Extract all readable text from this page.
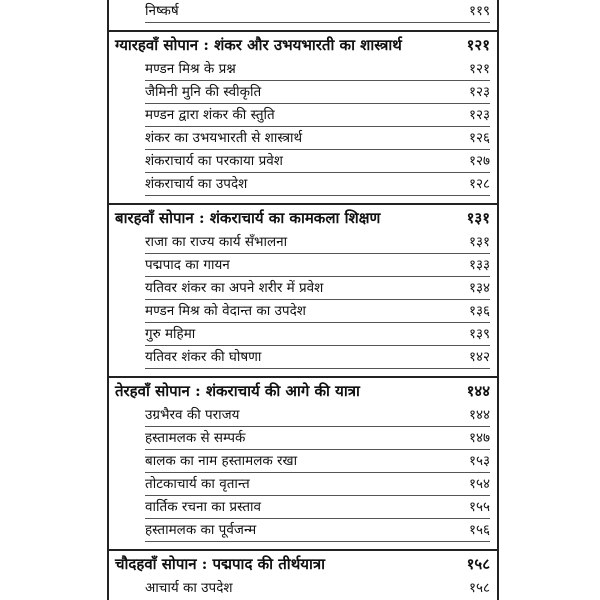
निष्कर्ष	११९
ग्यारहवाँ सोपान : शंकर और उभयभारती का शास्त्रार्थ	१२१
मण्डन मिश्र के प्रश्न	१२१
जैमिनी मुनि की स्वीकृति	१२३
मण्डन द्वारा शंकर की स्तुति	१२३
शंकर का उभयभारती से शास्त्रार्थ	१२६
शंकराचार्य का परकाया प्रवेश	१२७
शंकराचार्य का उपदेश	१२८
बारहवाँ सोपान : शंकराचार्य का कामकला शिक्षण	१३१
राजा का राज्य कार्य सँभालना	१३१
पद्मपाद का गायन	१३३
यतिवर शंकर का अपने शरीर में प्रवेश	१३४
मण्डन मिश्र को वेदान्त का उपदेश	१३६
गुरु महिमा	१३९
यतिवर शंकर की घोषणा	१४२
तेरहवाँ सोपान : शंकराचार्य की आगे की यात्रा	१४४
उग्रभैरव की पराजय	१४४
हस्तामलक से सम्पर्क	१४७
बालक का नाम हस्तामलक रखा	१५३
तोटकाचार्य का वृतान्त	१५४
वार्तिक रचना का प्रस्ताव	१५५
हस्तामलक का पूर्वजन्म	१५६
चौदहवाँ सोपान : पद्मपाद की तीर्थयात्रा	१५८
आचार्य का उपदेश	१५८
